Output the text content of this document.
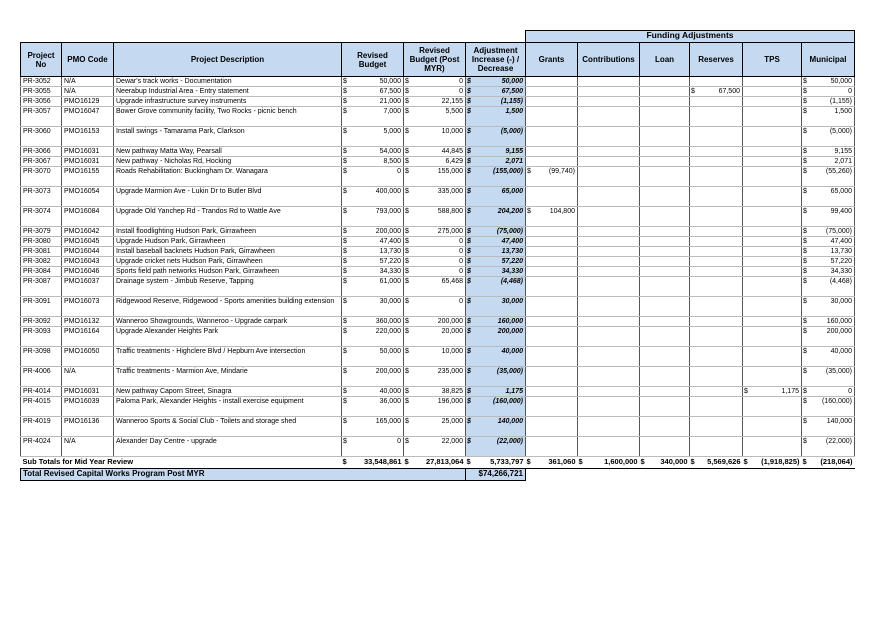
						Funding Adjustments					
Project No	PMO Code	Project Description	Revised Budget	Revised Budget (Post MYR)	Adjustment Increase (-) / Decrease	Grants	Contributions	Loan	Reserves	TPS	Municipal
PR-3052	N/A	Dewar's track works - Documentation	$ 50,000	$ 0	$ 50,000						$ 50,000

PR-3055	N/A	Neerabup Industrial Area - Entry statement	$ 67,500	$ 0	$ 67,500				$ 67,500		$ 0

PR-3056	PMO16129	Upgrade infrastructure survey instruments	$ 21,000	$ 22,155	$ (1,155)						$ (1,155)

PR-3057	PMO16047	Bower Grove community facility, Two Rocks - picnic bench	$ 7,000	$ 5,500	$ 1,500						$ 1,500

PR-3060	PMO16153	Install swings - Tamarama Park, Clarkson	$ 5,000	$ 10,000	$ (5,000)						$ (5,000)

PR-3066	PMO16031	New pathway Matta Way, Pearsall	$ 54,000	$ 44,845	$ 9,155						$ 9,155

PR-3067	PMO16031	New pathway - Nicholas Rd, Hocking	$ 8,500	$ 6,429	$ 2,071						$ 2,071

PR-3070	PMO16155	Roads Rehabilitation: Buckingham Dr. Wanagara	$ 0	$ 155,000	$ (155,000)	$ (99,740)					$ (55,260)

PR-3073	PMO16054	Upgrade Marmion Ave - Lukin Dr to Butler Blvd	$ 400,000	$ 335,000	$ 65,000						$ 65,000

PR-3074	PMO16084	Upgrade Old Yanchep Rd - Trandos Rd to Wattle Ave	$ 793,000	$ 588,800	$ 204,200	$ 104,800					$ 99,400

PR-3079	PMO16042	Install floodlighting Hudson Park, Girrawheen	$ 200,000	$ 275,000	$ (75,000)						$ (75,000)

PR-3080	PMO16045	Upgrade Hudson Park, Girrawheen	$ 47,400	$ 0	$ 47,400						$ 47,400

PR-3081	PMO16044	Install baseball backnets Hudson Park, Girrawheen	$ 13,730	$ 0	$ 13,730						$ 13,730

PR-3082	PMO16043	Upgrade cricket nets Hudson Park, Girrawheen	$ 57,220	$ 0	$ 57,220						$ 57,220

PR-3084	PMO16046	Sports field path networks Hudson Park, Girrawheen	$ 34,330	$ 0	$ 34,330						$ 34,330

PR-3087	PMO16037	Drainage system - Jimbub Reserve, Tapping	$ 61,000	$ 65,468	$ (4,468)						$ (4,468)

PR-3091	PMO16073	Ridgewood Reserve, Ridgewood - Sports amenities building extension	$ 30,000	$ 0	$ 30,000						$ 30,000

PR-3092	PMO16132	Wanneroo Showgrounds, Wanneroo - Upgrade carpark	$ 360,000	$ 200,000	$ 160,000						$ 160,000

PR-3093	PMO16164	Upgrade Alexander Heights Park	$ 220,000	$ 20,000	$ 200,000						$ 200,000

PR-3098	PMO16050	Traffic treatments - Highclere Blvd / Hepburn Ave intersection	$ 50,000	$ 10,000	$ 40,000						$ 40,000

PR-4006	N/A	Traffic treatments - Marmion Ave, Mindarie	$ 200,000	$ 235,000	$ (35,000)						$ (35,000)

PR-4014	PMO16031	New pathway Caporn Street, Sinagra	$ 40,000	$ 38,825	$ 1,175					$ 1,175	$ 0

PR-4015	PMO16039	Paloma Park, Alexander Heights - install exercise equipment	$ 36,000	$ 196,000	$ (160,000)						$ (160,000)

PR-4019	PMO16136	Wanneroo Sports & Social Club - Toilets and storage shed	$ 165,000	$ 25,000	$ 140,000						$ 140,000

PR-4024	N/A	Alexander Day Centre - upgrade	$ 0	$ 22,000	$ (22,000)						$ (22,000)

Sub Totals for Mid Year Review			$ 33,548,861	$ 27,813,064	$ 5,733,797	$ 361,060	$ 1,600,000	$ 340,000	$ 5,569,626	$ (1,918,825)	$ (218,064)

Total Revised Capital Works Program Post MYR					$74,266,721						
